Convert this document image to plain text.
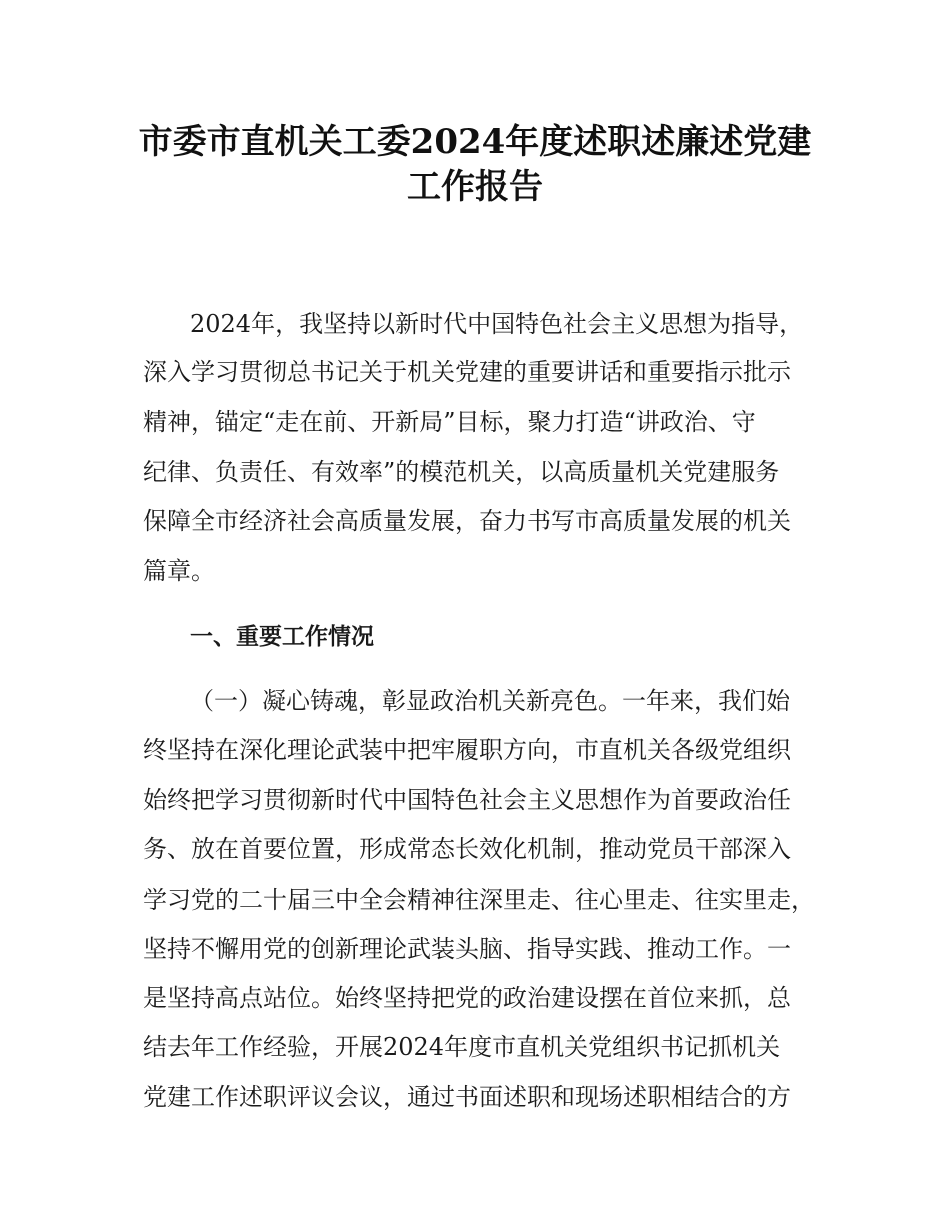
市委市直机关工委2024年度述职述廉述党建
工作报告
2024年，我坚持以新时代中国特色社会主义思想为指导，
深入学习贯彻总书记关于机关党建的重要讲话和重要指示批示
精神，锚定“走在前、开新局”目标，聚力打造“讲政治、守
纪律、负责任、有效率”的模范机关，以高质量机关党建服务
保障全市经济社会高质量发展，奋力书写市高质量发展的机关
篇章。
一、重要工作情况
（一）凝心铸魂，彰显政治机关新亮色。一年来，我们始
终坚持在深化理论武装中把牢履职方向，市直机关各级党组织
始终把学习贯彻新时代中国特色社会主义思想作为首要政治任
务、放在首要位置，形成常态长效化机制，推动党员干部深入
学习党的二十届三中全会精神往深里走、往心里走、往实里走，
坚持不懈用党的创新理论武装头脑、指导实践、推动工作。一
是坚持高点站位。始终坚持把党的政治建设摆在首位来抓，总
结去年工作经验，开展2024年度市直机关党组织书记抓机关
党建工作述职评议会议，通过书面述职和现场述职相结合的方
